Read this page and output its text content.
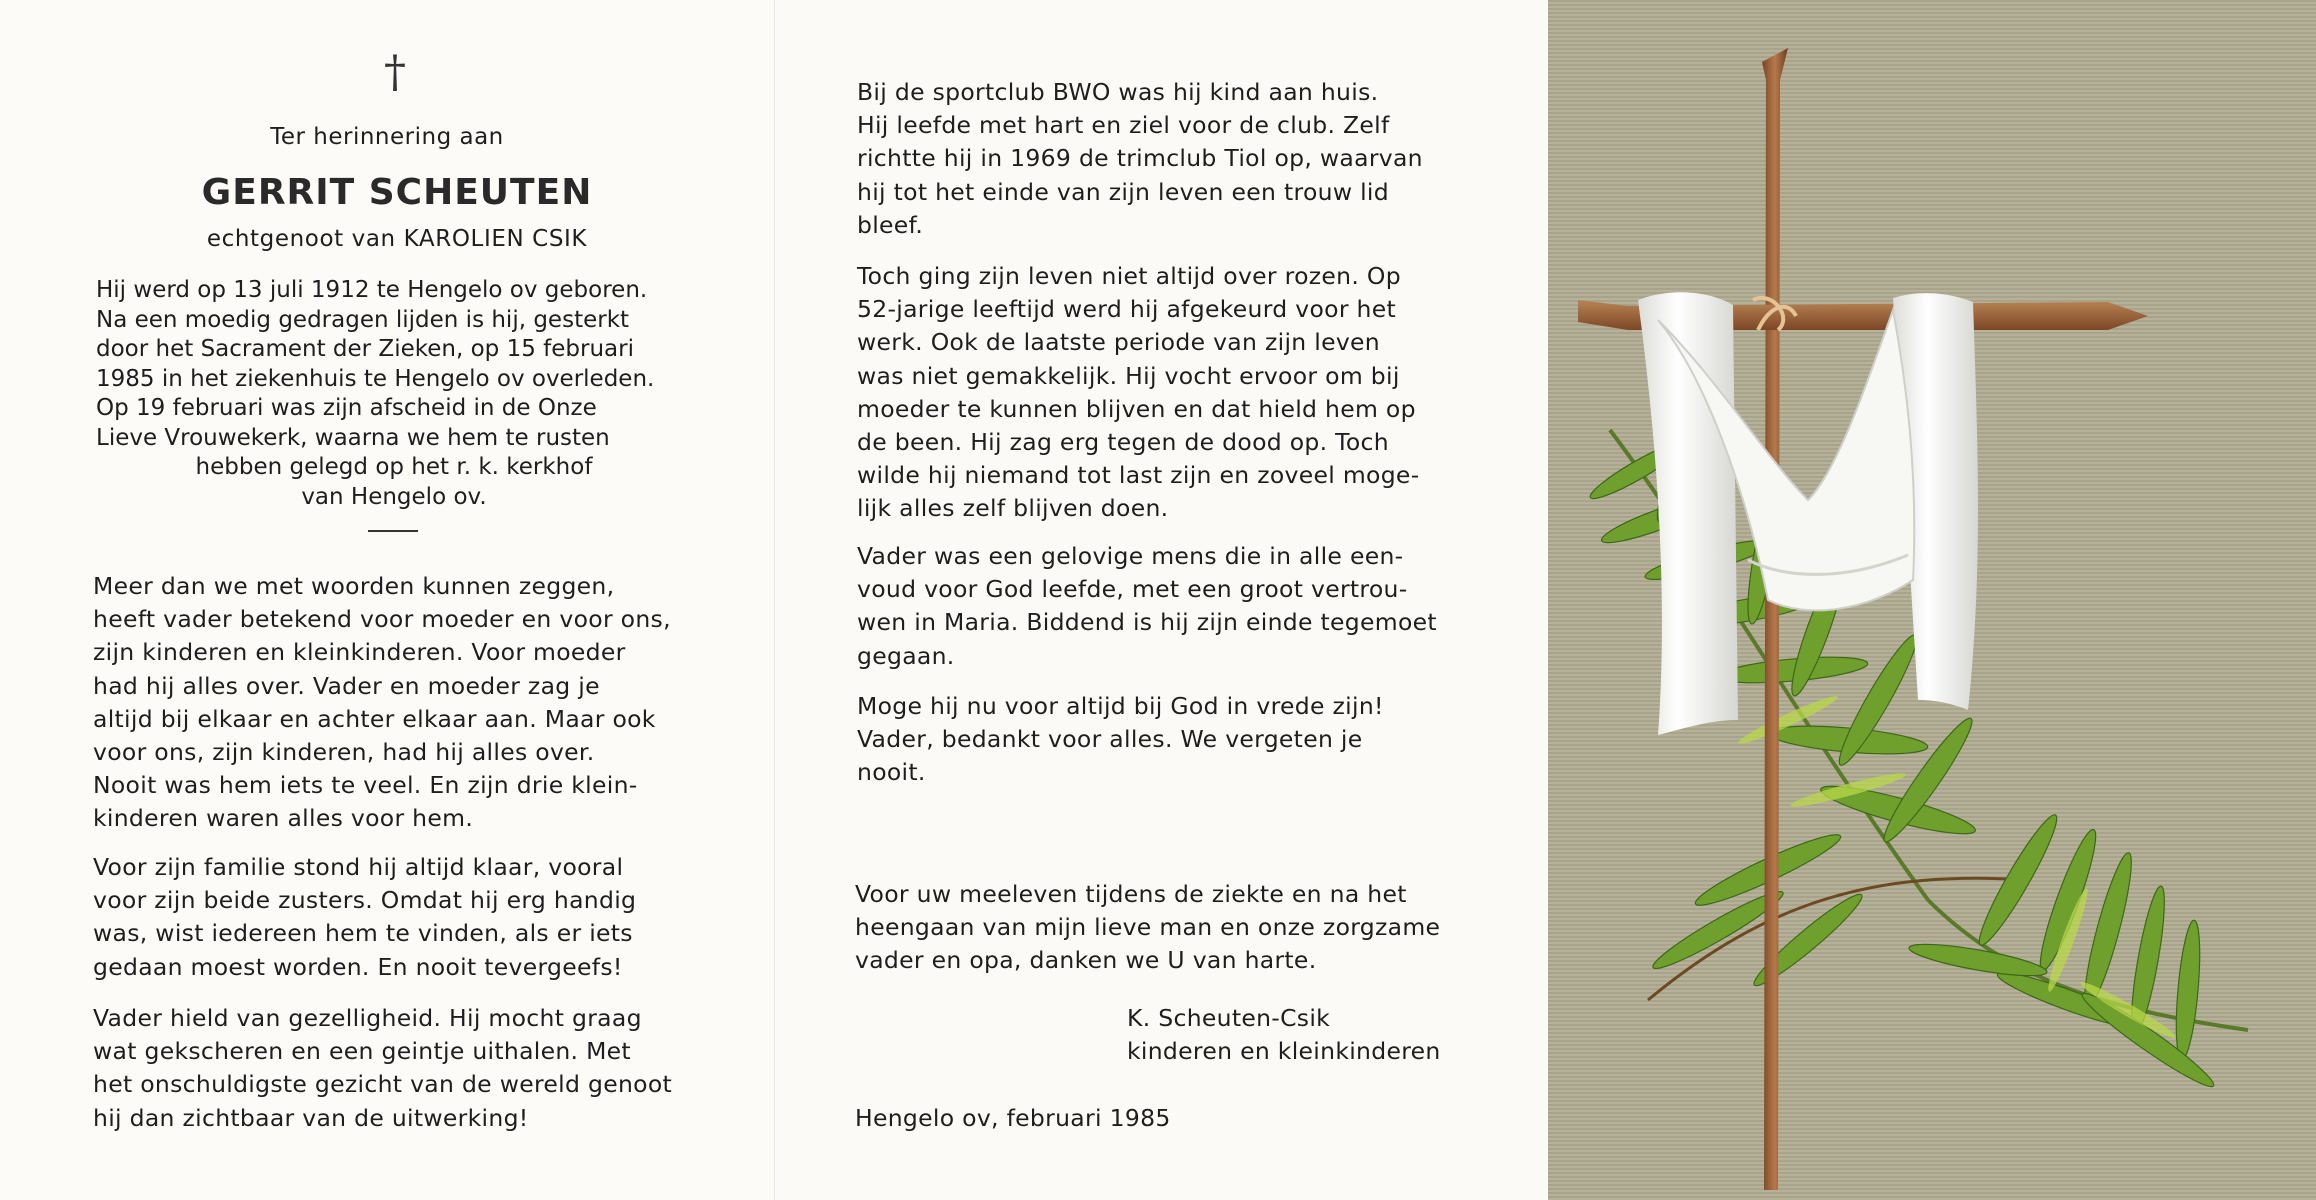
†
Ter herinnering aan
GERRIT SCHEUTEN
echtgenoot van KAROLIEN CSIK

Hij werd op 13 juli 1912 te Hengelo ov geboren.

Na een moedig gedragen lijden is hij, gesterkt

door het Sacrament der Zieken, op 15 februari

1985 in het ziekenhuis te Hengelo ov overleden.

Op 19 februari was zijn afscheid in de Onze

Lieve Vrouwekerk, waarna we hem te rusten

hebben gelegd op het r. k. kerkhof

van Hengelo ov.

Meer dan we met woorden kunnen zeggen,

heeft vader betekend voor moeder en voor ons,

zijn kinderen en kleinkinderen. Voor moeder

had hij alles over. Vader en moeder zag je

altijd bij elkaar en achter elkaar aan. Maar ook

voor ons, zijn kinderen, had hij alles over.

Nooit was hem iets te veel. En zijn drie klein-

kinderen waren alles voor hem.

Voor zijn familie stond hij altijd klaar, vooral

voor zijn beide zusters. Omdat hij erg handig

was, wist iedereen hem te vinden, als er iets

gedaan moest worden. En nooit tevergeefs!

Vader hield van gezelligheid. Hij mocht graag

wat gekscheren en een geintje uithalen. Met

het onschuldigste gezicht van de wereld genoot

hij dan zichtbaar van de uitwerking!

Bij de sportclub BWO was hij kind aan huis.

Hij leefde met hart en ziel voor de club. Zelf

richtte hij in 1969 de trimclub Tiol op, waarvan

hij tot het einde van zijn leven een trouw lid

bleef.

Toch ging zijn leven niet altijd over rozen. Op

52-jarige leeftijd werd hij afgekeurd voor het

werk. Ook de laatste periode van zijn leven

was niet gemakkelijk. Hij vocht ervoor om bij

moeder te kunnen blijven en dat hield hem op

de been. Hij zag erg tegen de dood op. Toch

wilde hij niemand tot last zijn en zoveel moge-

lijk alles zelf blijven doen.

Vader was een gelovige mens die in alle een-

voud voor God leefde, met een groot vertrou-

wen in Maria. Biddend is hij zijn einde tegemoet

gegaan.

Moge hij nu voor altijd bij God in vrede zijn!

Vader, bedankt voor alles. We vergeten je

nooit.

Voor uw meeleven tijdens de ziekte en na het
heengaan van mijn lieve man en onze zorgzame
vader en opa, danken we U van harte.
K. Scheuten-Csik
kinderen en kleinkinderen
Hengelo ov, februari 1985
